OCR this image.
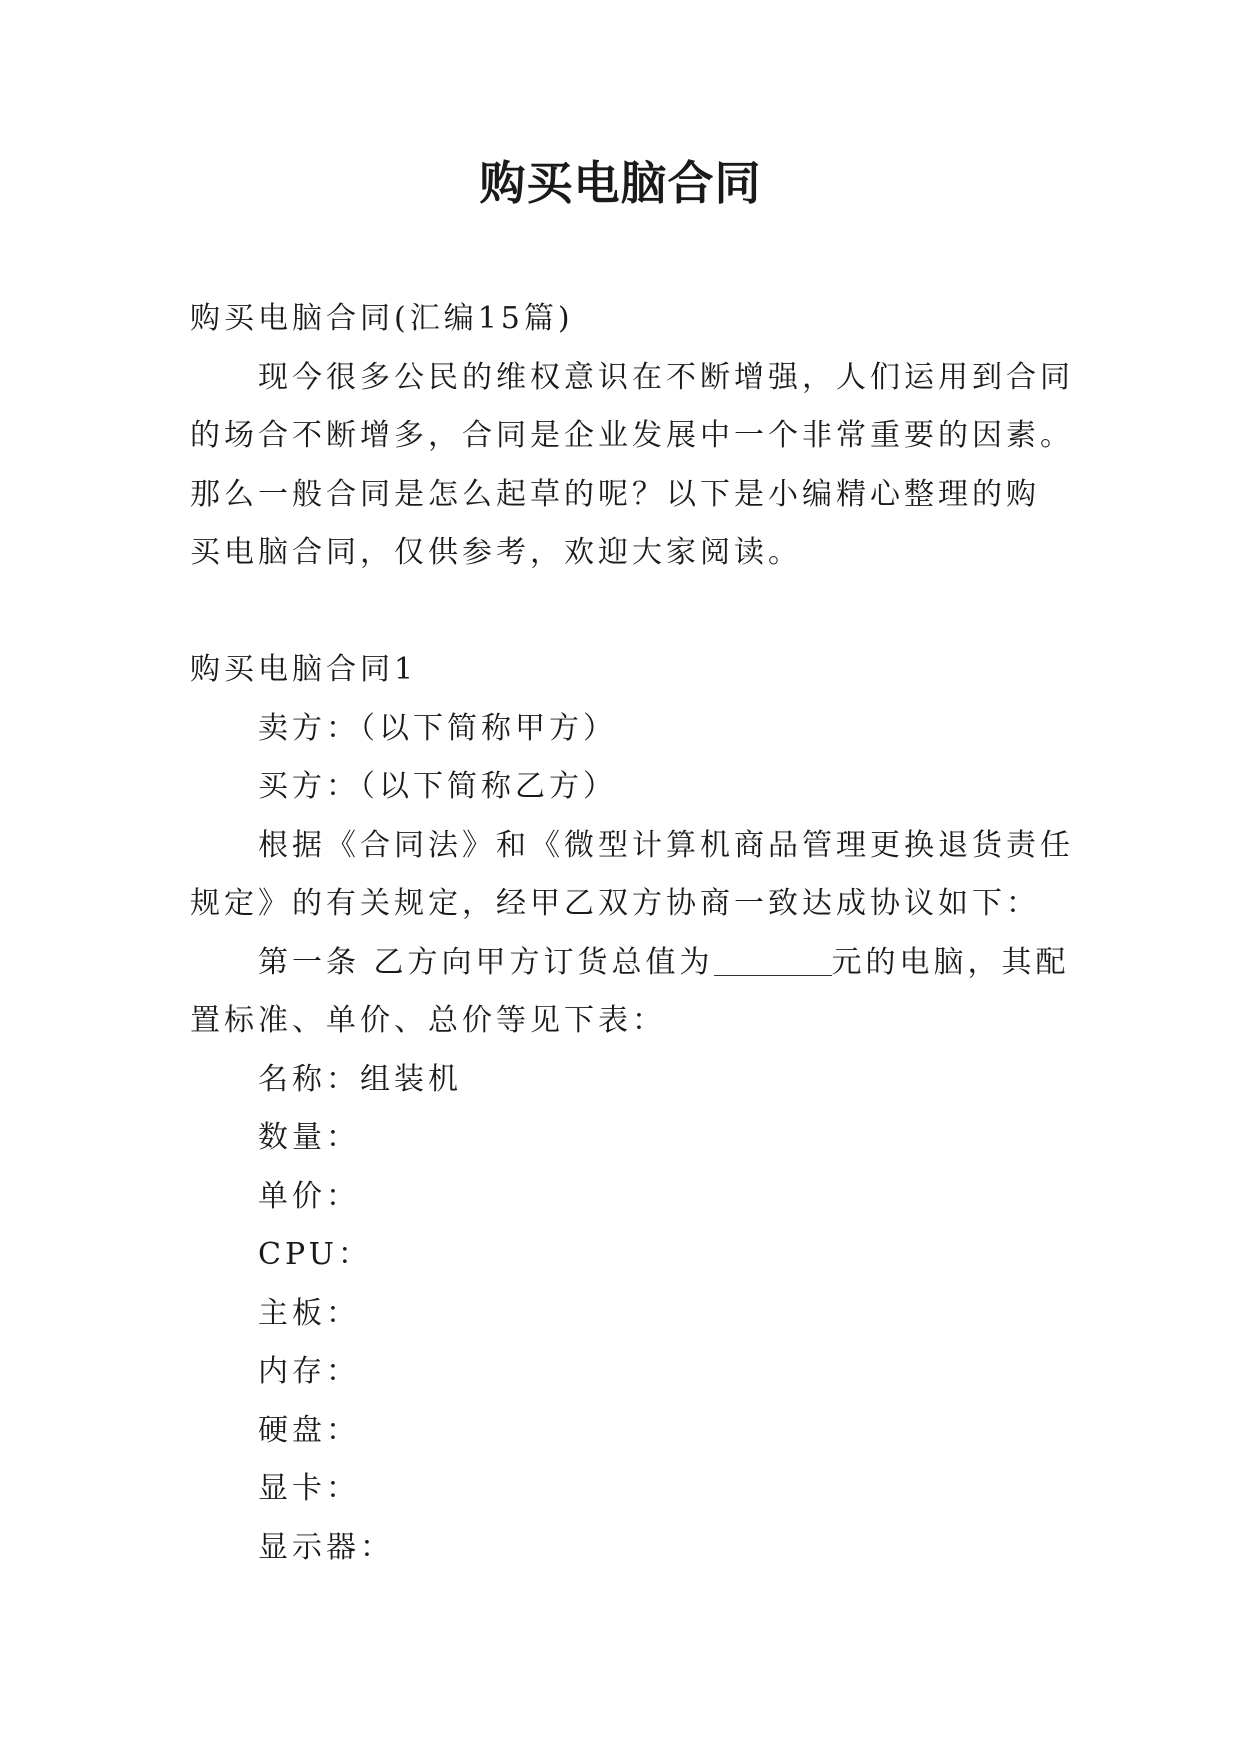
购买电脑合同
购买电脑合同(汇编15篇)
现今很多公民的维权意识在不断增强，人们运用到合同
的场合不断增多，合同是企业发展中一个非常重要的因素。
那么一般合同是怎么起草的呢？以下是小编精心整理的购
买电脑合同，仅供参考，欢迎大家阅读。
购买电脑合同1
卖方：（以下简称甲方）
买方：（以下简称乙方）
根据《合同法》和《微型计算机商品管理更换退货责任
规定》的有关规定，经甲乙双方协商一致达成协议如下：
第一条 乙方向甲方订货总值为	元的电脑，其配
置标准、单价、总价等见下表：
名称：组装机
数量：
单价：
CPU：
主板：
内存：
硬盘：
显卡：
显示器：
